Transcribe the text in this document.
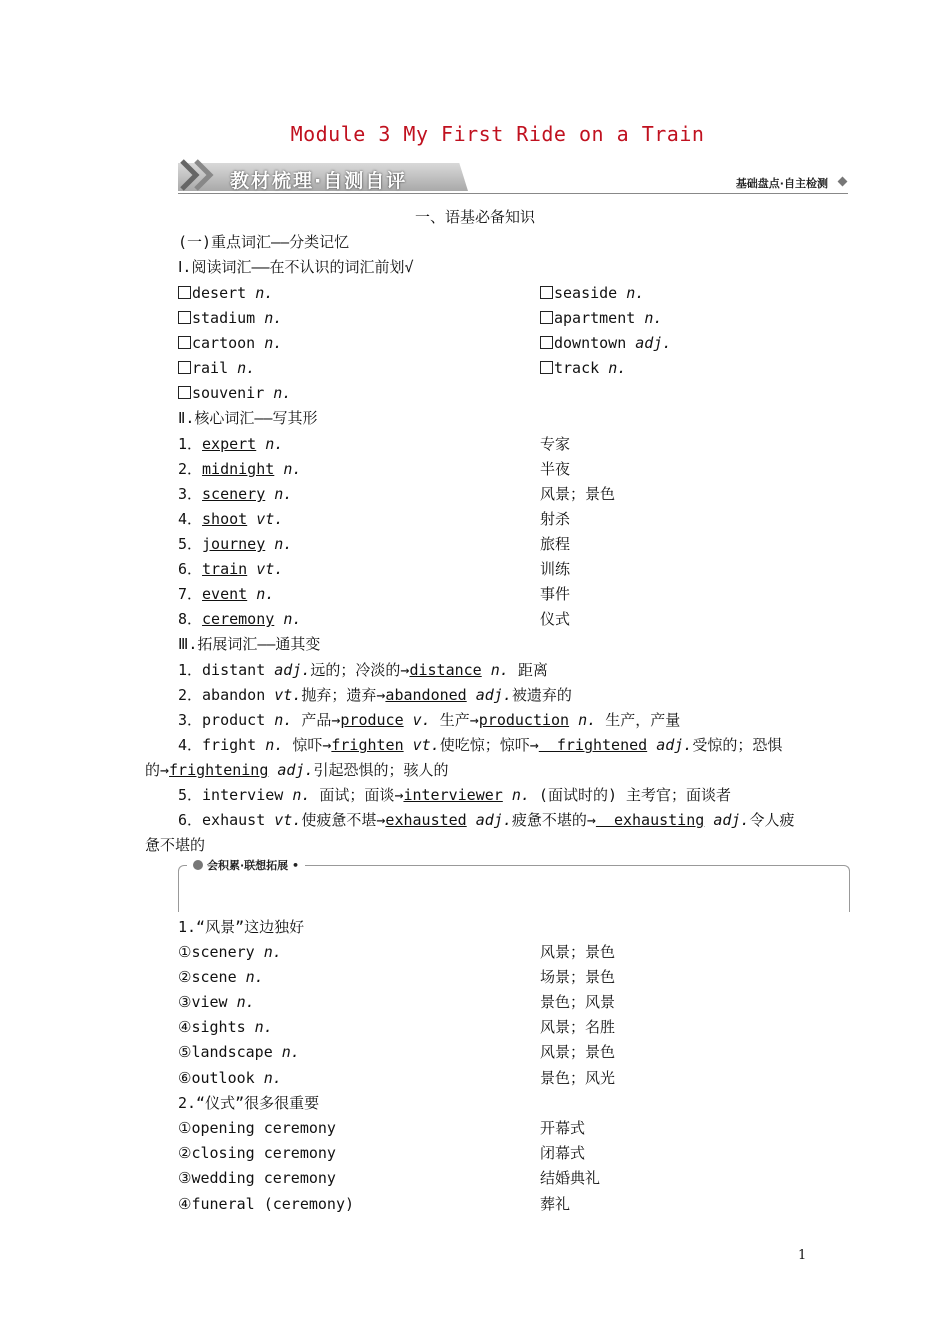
Module 3 My First Ride on a Train
教材梳理·自测自评	基础盘点·自主检测
一、语基必备知识
(一)重点词汇——分类记忆
Ⅰ.阅读词汇——在不认识的词汇前划√
desert n.	seaside n.
stadium n.	apartment n.
cartoon n.	downtown adj.
rail n.	track n.
souvenir n.
Ⅱ.核心词汇——写其形
1．expert n.	专家
2．midnight n.	半夜
3．scenery n.	风景；景色
4．shoot vt.	射杀
5．journey n.	旅程
6．train vt.	训练
7．event n.	事件
8．ceremony n.	仪式
Ⅲ.拓展词汇——通其变
1．distant adj.远的；冷淡的→distance n. 距离
2．abandon vt.抛弃；遗弃→abandoned adj.被遗弃的
3．product n. 产品→produce v. 生产→production n. 生产，产量
4．fright n. 惊吓→frighten vt.使吃惊；惊吓→  frightened adj.受惊的；恐惧
的→frightening adj.引起恐惧的；骇人的
5．interview n. 面试；面谈→interviewer n. (面试时的) 主考官；面谈者
6．exhaust vt.使疲惫不堪→exhausted adj.疲惫不堪的→  exhausting adj.令人疲
惫不堪的
会积累·联想拓展 •
1.“风景”这边独好
①scenery n.	风景；景色
②scene n.	场景；景色
③view n.	景色；风景
④sights n.	风景；名胜
⑤landscape n.	风景；景色
⑥outlook n.	景色；风光
2.“仪式”很多很重要
①opening ceremony	开幕式
②closing ceremony	闭幕式
③wedding ceremony	结婚典礼
④funeral (ceremony)	葬礼
1
